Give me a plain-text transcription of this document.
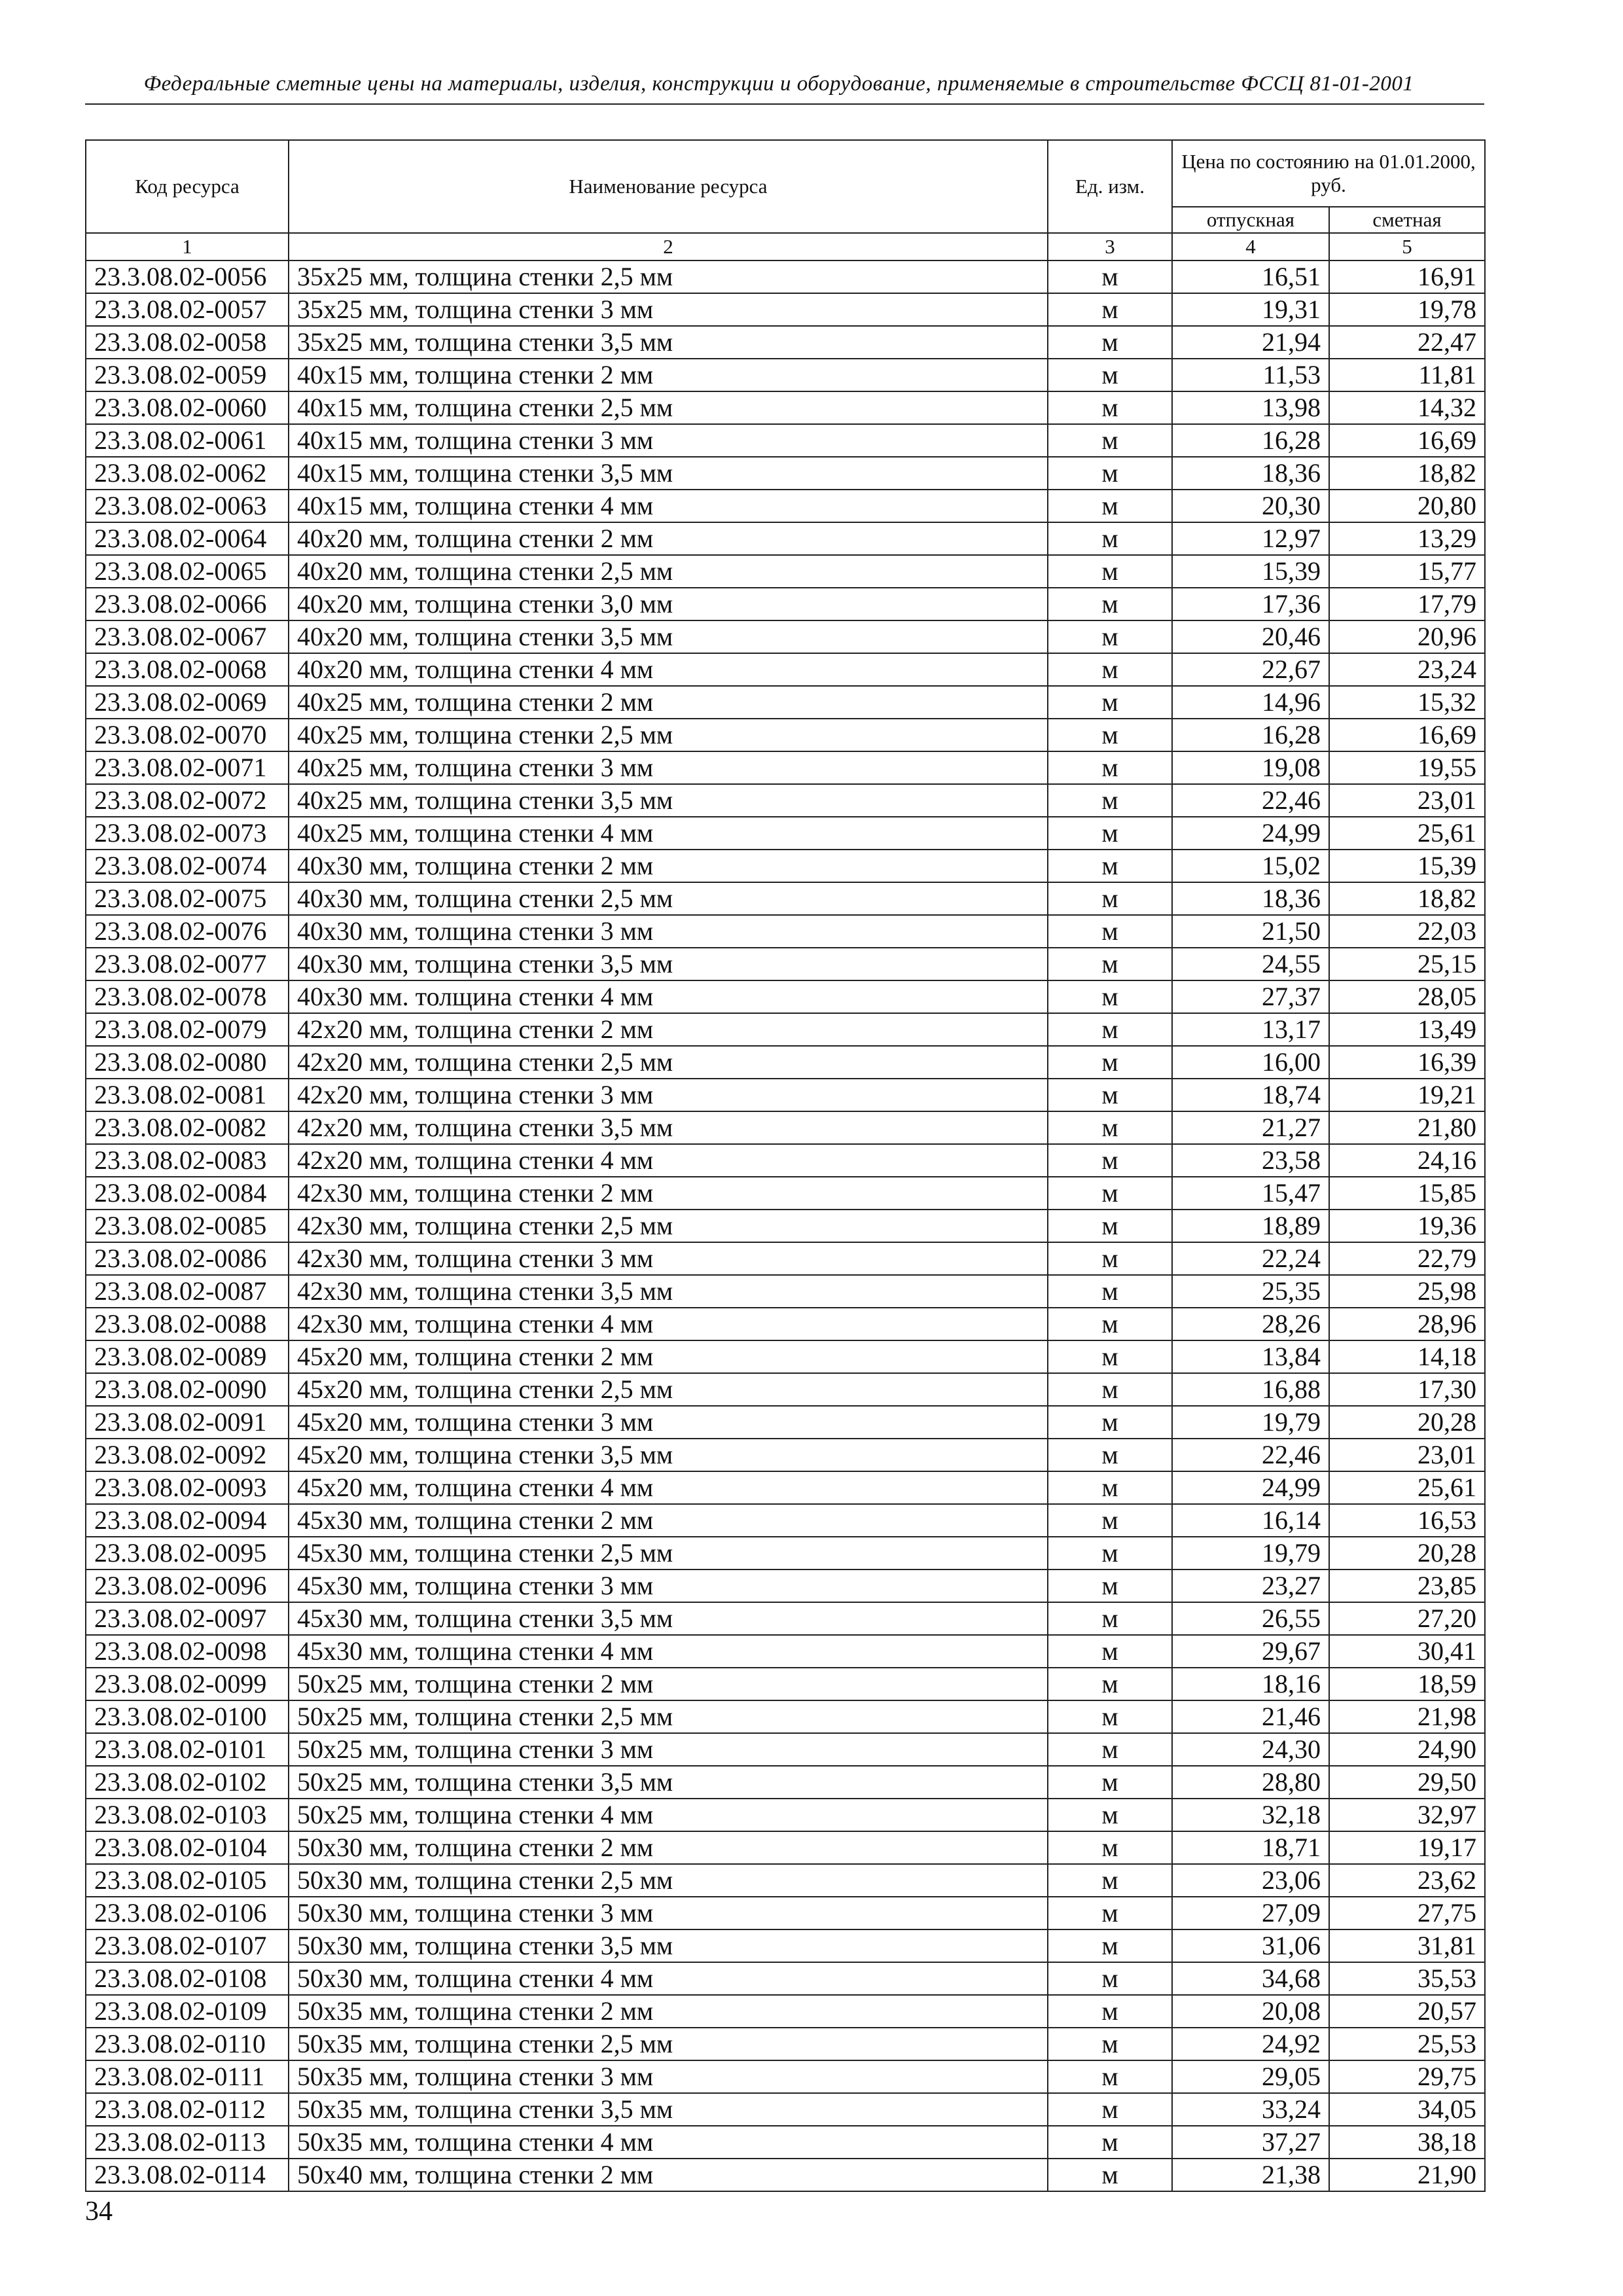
Федеральные сметные цены на материалы, изделия, конструкции и оборудование, применяемые в строительстве ФССЦ 81-01-2001
Код ресурса	Наименование ресурса	Ед. изм.	Цена по состоянию на 01.01.2000, руб.	
			отпускная	сметная
1	2	3	4	5
23.3.08.02-0056	35x25 мм, толщина стенки 2,5 мм	м	16,51	16,91
23.3.08.02-0057	35x25 мм, толщина стенки 3 мм	м	19,31	19,78
23.3.08.02-0058	35x25 мм, толщина стенки 3,5 мм	м	21,94	22,47
23.3.08.02-0059	40x15 мм, толщина стенки 2 мм	м	11,53	11,81
23.3.08.02-0060	40x15 мм, толщина стенки 2,5 мм	м	13,98	14,32
23.3.08.02-0061	40x15 мм, толщина стенки 3 мм	м	16,28	16,69
23.3.08.02-0062	40x15 мм, толщина стенки 3,5 мм	м	18,36	18,82
23.3.08.02-0063	40x15 мм, толщина стенки 4 мм	м	20,30	20,80
23.3.08.02-0064	40x20 мм, толщина стенки 2 мм	м	12,97	13,29
23.3.08.02-0065	40x20 мм, толщина стенки 2,5 мм	м	15,39	15,77
23.3.08.02-0066	40x20 мм, толщина стенки 3,0 мм	м	17,36	17,79
23.3.08.02-0067	40x20 мм, толщина стенки 3,5 мм	м	20,46	20,96
23.3.08.02-0068	40x20 мм, толщина стенки 4 мм	м	22,67	23,24
23.3.08.02-0069	40x25 мм, толщина стенки 2 мм	м	14,96	15,32
23.3.08.02-0070	40x25 мм, толщина стенки 2,5 мм	м	16,28	16,69
23.3.08.02-0071	40x25 мм, толщина стенки 3 мм	м	19,08	19,55
23.3.08.02-0072	40x25 мм, толщина стенки 3,5 мм	м	22,46	23,01
23.3.08.02-0073	40x25 мм, толщина стенки 4 мм	м	24,99	25,61
23.3.08.02-0074	40x30 мм, толщина стенки 2 мм	м	15,02	15,39
23.3.08.02-0075	40x30 мм, толщина стенки 2,5 мм	м	18,36	18,82
23.3.08.02-0076	40x30 мм, толщина стенки 3 мм	м	21,50	22,03
23.3.08.02-0077	40x30 мм, толщина стенки 3,5 мм	м	24,55	25,15
23.3.08.02-0078	40x30 мм. толщина стенки 4 мм	м	27,37	28,05
23.3.08.02-0079	42x20 мм, толщина стенки 2 мм	м	13,17	13,49
23.3.08.02-0080	42x20 мм, толщина стенки 2,5 мм	м	16,00	16,39
23.3.08.02-0081	42x20 мм, толщина стенки 3 мм	м	18,74	19,21
23.3.08.02-0082	42x20 мм, толщина стенки 3,5 мм	м	21,27	21,80
23.3.08.02-0083	42x20 мм, толщина стенки 4 мм	м	23,58	24,16
23.3.08.02-0084	42x30 мм, толщина стенки 2 мм	м	15,47	15,85
23.3.08.02-0085	42x30 мм, толщина стенки 2,5 мм	м	18,89	19,36
23.3.08.02-0086	42x30 мм, толщина стенки 3 мм	м	22,24	22,79
23.3.08.02-0087	42x30 мм, толщина стенки 3,5 мм	м	25,35	25,98
23.3.08.02-0088	42x30 мм, толщина стенки 4 мм	м	28,26	28,96
23.3.08.02-0089	45x20 мм, толщина стенки 2 мм	м	13,84	14,18
23.3.08.02-0090	45x20 мм, толщина стенки 2,5 мм	м	16,88	17,30
23.3.08.02-0091	45x20 мм, толщина стенки 3 мм	м	19,79	20,28
23.3.08.02-0092	45x20 мм, толщина стенки 3,5 мм	м	22,46	23,01
23.3.08.02-0093	45x20 мм, толщина стенки 4 мм	м	24,99	25,61
23.3.08.02-0094	45x30 мм, толщина стенки 2 мм	м	16,14	16,53
23.3.08.02-0095	45x30 мм, толщина стенки 2,5 мм	м	19,79	20,28
23.3.08.02-0096	45x30 мм, толщина стенки 3 мм	м	23,27	23,85
23.3.08.02-0097	45x30 мм, толщина стенки 3,5 мм	м	26,55	27,20
23.3.08.02-0098	45x30 мм, толщина стенки 4 мм	м	29,67	30,41
23.3.08.02-0099	50x25 мм, толщина стенки 2 мм	м	18,16	18,59
23.3.08.02-0100	50x25 мм, толщина стенки 2,5 мм	м	21,46	21,98
23.3.08.02-0101	50x25 мм, толщина стенки 3 мм	м	24,30	24,90
23.3.08.02-0102	50x25 мм, толщина стенки 3,5 мм	м	28,80	29,50
23.3.08.02-0103	50x25 мм, толщина стенки 4 мм	м	32,18	32,97
23.3.08.02-0104	50x30 мм, толщина стенки 2 мм	м	18,71	19,17
23.3.08.02-0105	50x30 мм, толщина стенки 2,5 мм	м	23,06	23,62
23.3.08.02-0106	50x30 мм, толщина стенки 3 мм	м	27,09	27,75
23.3.08.02-0107	50x30 мм, толщина стенки 3,5 мм	м	31,06	31,81
23.3.08.02-0108	50x30 мм, толщина стенки 4 мм	м	34,68	35,53
23.3.08.02-0109	50x35 мм, толщина стенки 2 мм	м	20,08	20,57
23.3.08.02-0110	50x35 мм, толщина стенки 2,5 мм	м	24,92	25,53
23.3.08.02-0111	50x35 мм, толщина стенки 3 мм	м	29,05	29,75
23.3.08.02-0112	50x35 мм, толщина стенки 3,5 мм	м	33,24	34,05
23.3.08.02-0113	50x35 мм, толщина стенки 4 мм	м	37,27	38,18
23.3.08.02-0114	50x40 мм, толщина стенки 2 мм	м	21,38	21,90
34
